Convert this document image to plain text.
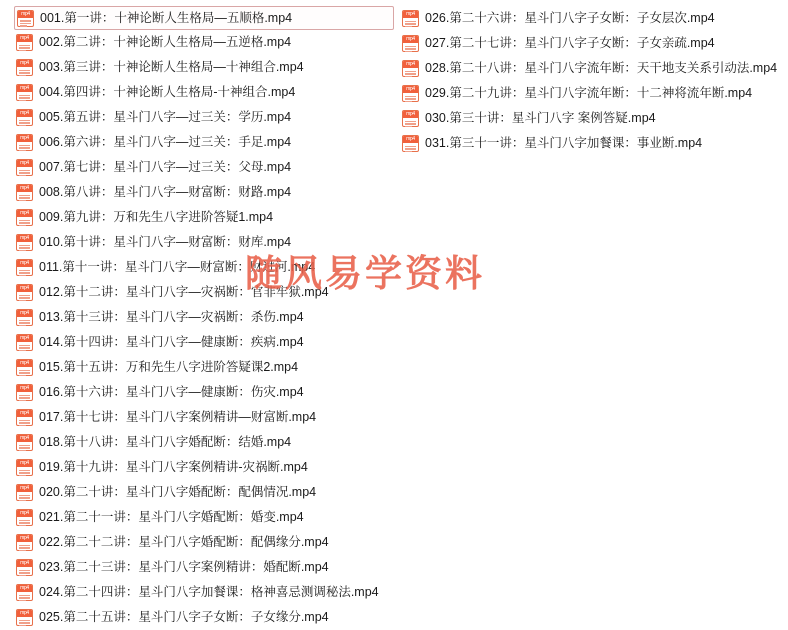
mp4 001.第一讲：十神论断人生格局—五顺格.mp4
mp4 002.第二讲：十神论断人生格局—五逆格.mp4
mp4 003.第三讲：十神论断人生格局—十神组合.mp4
mp4 004.第四讲：十神论断人生格局-十神组合.mp4
mp4 005.第五讲：星斗门八字—过三关：学历.mp4
mp4 006.第六讲：星斗门八字—过三关：手足.mp4
mp4 007.第七讲：星斗门八字—过三关：父母.mp4
mp4 008.第八讲：星斗门八字—财富断：财路.mp4
mp4 009.第九讲：万和先生八字进阶答疑1.mp4
mp4 010.第十讲：星斗门八字—财富断：财库.mp4
mp4 011.第十一讲：星斗门八字—财富断：财过河.mp4
mp4 012.第十二讲：星斗门八字—灾祸断：官非牢狱.mp4
mp4 013.第十三讲：星斗门八字—灾祸断：杀伤.mp4
mp4 014.第十四讲：星斗门八字—健康断：疾病.mp4
mp4 015.第十五讲：万和先生八字进阶答疑课2.mp4
mp4 016.第十六讲：星斗门八字—健康断：伤灾.mp4
mp4 017.第十七讲：星斗门八字案例精讲—财富断.mp4
mp4 018.第十八讲：星斗门八字婚配断：结婚.mp4
mp4 019.第十九讲：星斗门八字案例精讲-灾祸断.mp4
mp4 020.第二十讲：星斗门八字婚配断：配偶情况.mp4
mp4 021.第二十一讲：星斗门八字婚配断：婚变.mp4
mp4 022.第二十二讲：星斗门八字婚配断：配偶缘分.mp4
mp4 023.第二十三讲：星斗门八字案例精讲：婚配断.mp4
mp4 024.第二十四讲：星斗门八字加餐课：格神喜忌测调秘法.mp4
mp4 025.第二十五讲：星斗门八字子女断：子女缘分.mp4
mp4 026.第二十六讲：星斗门八字子女断：子女层次.mp4
mp4 027.第二十七讲：星斗门八字子女断：子女亲疏.mp4
mp4 028.第二十八讲：星斗门八字流年断：天干地支关系引动法.mp4
mp4 029.第二十九讲：星斗门八字流年断：十二神将流年断.mp4
mp4 030.第三十讲：星斗门八字 案例答疑.mp4
mp4 031.第三十一讲：星斗门八字加餐课：事业断.mp4
随风易学资料
